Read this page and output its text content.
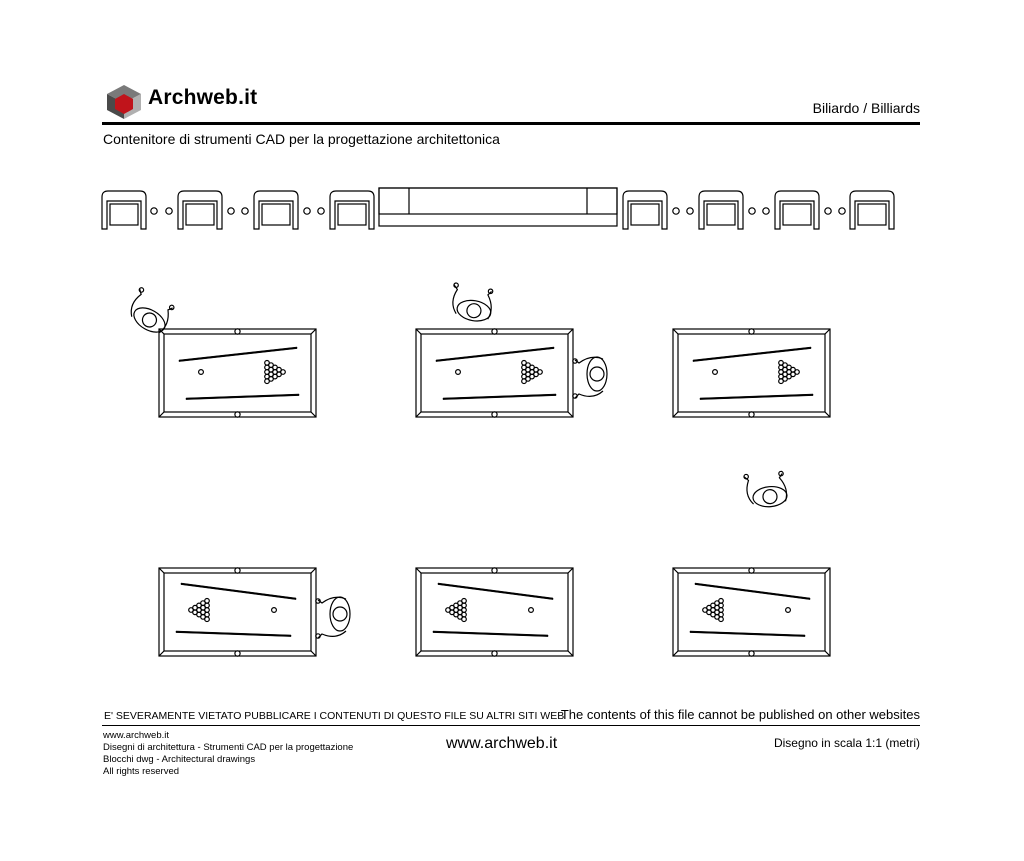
Archweb.it	Biliardo / Billiards
Contenitore di strumenti CAD per la progettazione architettonica
E' SEVERAMENTE VIETATO PUBBLICARE I CONTENUTI DI QUESTO FILE SU ALTRI SITI WEB
The contents of this file cannot be published on other websites
www.archweb.it
Disegni di architettura - Strumenti CAD per la progettazione
Blocchi dwg - Architectural drawings
All rights reserved
www.archweb.it	Disegno in scala 1:1 (metri)
